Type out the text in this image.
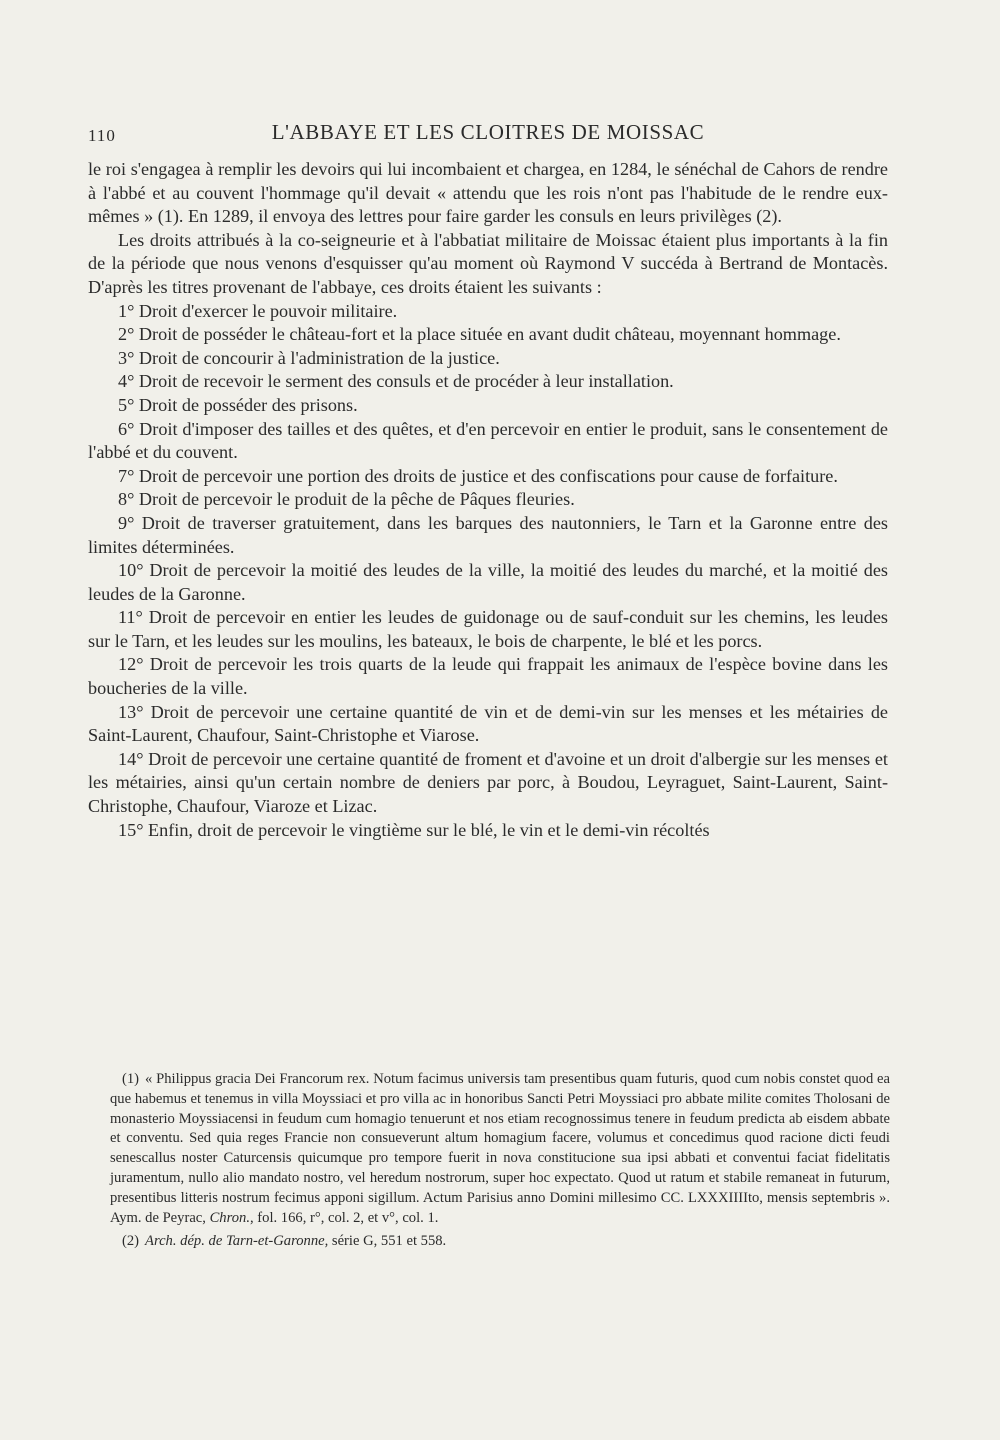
110	L'ABBAYE ET LES CLOITRES DE MOISSAC

le roi s'engagea à remplir les devoirs qui lui incombaient et chargea, en 1284, le sénéchal de Cahors de rendre à l'abbé et au couvent l'hommage qu'il devait « attendu que les rois n'ont pas l'habitude de le rendre eux-mêmes » (1). En 1289, il envoya des lettres pour faire garder les consuls en leurs privilèges (2).

Les droits attribués à la co-seigneurie et à l'abbatiat militaire de Moissac étaient plus importants à la fin de la période que nous venons d'esquisser qu'au moment où Raymond V succéda à Bertrand de Montacès. D'après les titres provenant de l'abbaye, ces droits étaient les suivants :

1° Droit d'exercer le pouvoir militaire.

2° Droit de posséder le château-fort et la place située en avant dudit château, moyennant hommage.

3° Droit de concourir à l'administration de la justice.

4° Droit de recevoir le serment des consuls et de procéder à leur installation.

5° Droit de posséder des prisons.

6° Droit d'imposer des tailles et des quêtes, et d'en percevoir en entier le produit, sans le consentement de l'abbé et du couvent.

7° Droit de percevoir une portion des droits de justice et des confiscations pour cause de forfaiture.

8° Droit de percevoir le produit de la pêche de Pâques fleuries.

9° Droit de traverser gratuitement, dans les barques des nautonniers, le Tarn et la Garonne entre des limites déterminées.

10° Droit de percevoir la moitié des leudes de la ville, la moitié des leudes du marché, et la moitié des leudes de la Garonne.

11° Droit de percevoir en entier les leudes de guidonage ou de sauf-conduit sur les chemins, les leudes sur le Tarn, et les leudes sur les moulins, les bateaux, le bois de charpente, le blé et les porcs.

12° Droit de percevoir les trois quarts de la leude qui frappait les animaux de l'espèce bovine dans les boucheries de la ville.

13° Droit de percevoir une certaine quantité de vin et de demi-vin sur les menses et les métairies de Saint-Laurent, Chaufour, Saint-Christophe et Viarose.

14° Droit de percevoir une certaine quantité de froment et d'avoine et un droit d'albergie sur les menses et les métairies, ainsi qu'un certain nombre de deniers par porc, à Boudou, Leyraguet, Saint-Laurent, Saint-Christophe, Chaufour, Viaroze et Lizac.

15° Enfin, droit de percevoir le vingtième sur le blé, le vin et le demi-vin récoltés

(1) « Philippus gracia Dei Francorum rex. Notum facimus universis tam presentibus quam futuris, quod cum nobis constet quod ea que habemus et tenemus in villa Moyssiaci et pro villa ac in honoribus Sancti Petri Moyssiaci pro abbate milite comites Tholosani de monasterio Moyssiacensi in feudum cum homagio tenuerunt et nos etiam recognossimus tenere in feudum predicta ab eisdem abbate et conventu. Sed quia reges Francie non consueverunt altum homagium facere, volumus et concedimus quod racione dicti feudi senescallus noster Caturcensis quicumque pro tempore fuerit in nova constitucione sua ipsi abbati et conventui faciat fidelitatis juramentum, nullo alio mandato nostro, vel heredum nostrorum, super hoc expectato. Quod ut ratum et stabile remaneat in futurum, presentibus litteris nostrum fecimus apponi sigillum. Actum Parisius anno Domini millesimo CC. LXXXIIIIto, mensis septembris ». Aym. de Peyrac, Chron., fol. 166, r°, col. 2, et v°, col. 1.

(2) Arch. dép. de Tarn-et-Garonne, série G, 551 et 558.
